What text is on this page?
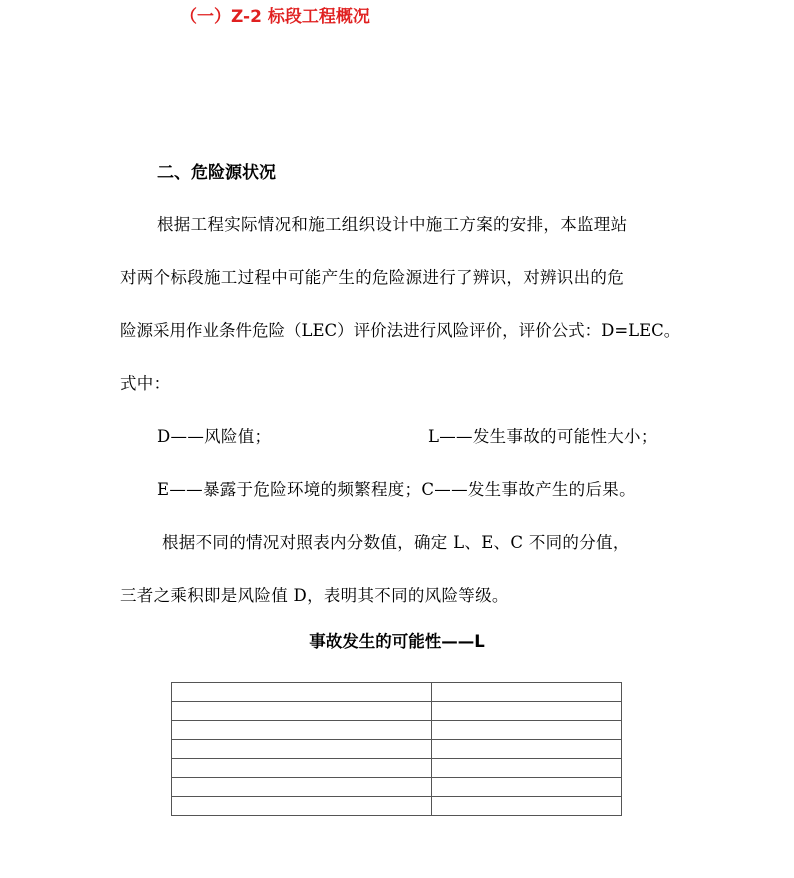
（一）Z-2 标段工程概况
二、危险源状况
根据工程实际情况和施工组织设计中施工方案的安排，本监理站
对两个标段施工过程中可能产生的危险源进行了辨识，对辨识出的危
险源采用作业条件危险（LEC）评价法进行风险评价，评价公式：D=LEC。
式中：
D——风险值；	L——发生事故的可能性大小；
E——暴露于危险环境的频繁程度；C——发生事故产生的后果。
根据不同的情况对照表内分数值，确定 L、E、C 不同的分值，
三者之乘积即是风险值 D，表明其不同的风险等级。
事故发生的可能性——L
